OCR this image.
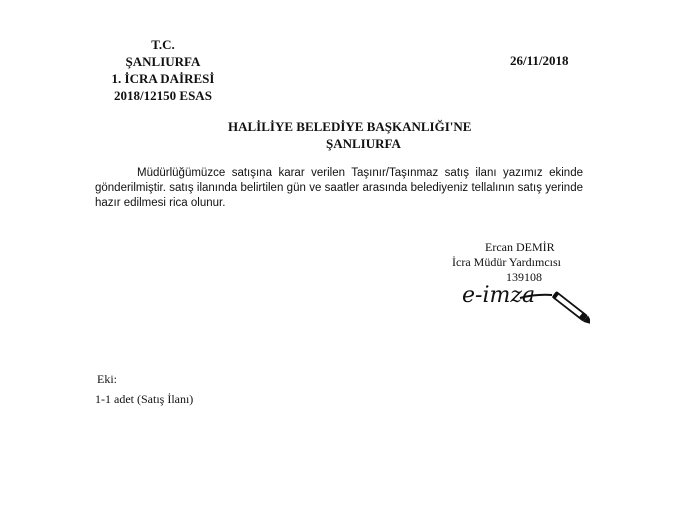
T.C.
ŞANLIURFA
1. İCRA DAİRESİ
2018/12150 ESAS
26/11/2018
HALİLİYE BELEDİYE BAŞKANLIĞI'NE
ŞANLIURFA
Müdürlüğümüzce satışına karar verilen Taşınır/Taşınmaz satış ilanı yazımız ekinde gönderilmiştir. satış ilanında belirtilen gün ve saatler arasında belediyeniz tellalının satış yerinde hazır edilmesi rica olunur.
Ercan DEMİR
İcra Müdür Yardımcısı
139108
e-imza
Eki:
1-1 adet (Satış İlanı)
